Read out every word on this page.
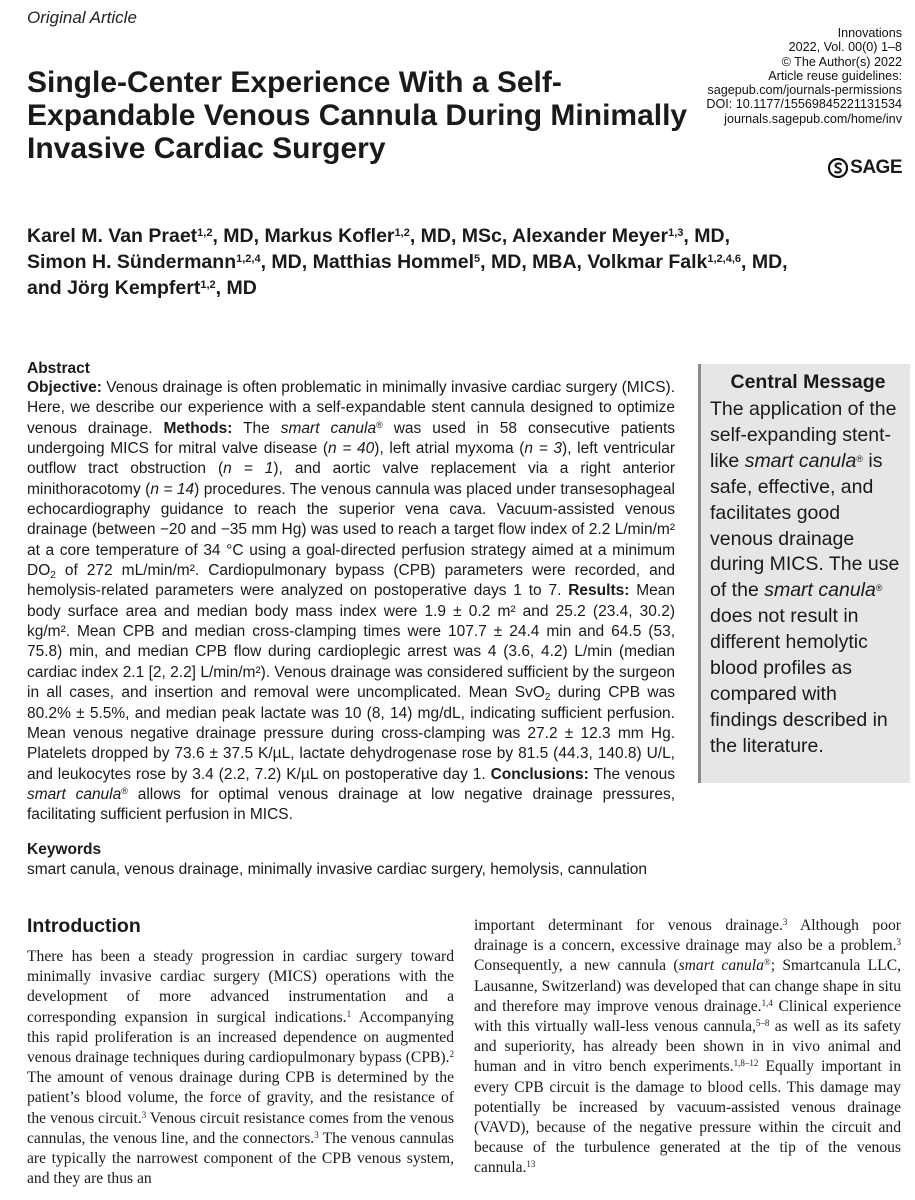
Original Article
Single-Center Experience With a Self-Expandable Venous Cannula During Minimally Invasive Cardiac Surgery
Innovations
2022, Vol. 00(0) 1–8
© The Author(s) 2022
Article reuse guidelines:
sagepub.com/journals-permissions
DOI: 10.1177/15569845221131534
journals.sagepub.com/home/inv
SAGE
Karel M. Van Praet$^{1,2}$, MD, Markus Kofler$^{1,2}$, MD, MSc, Alexander Meyer$^{1,3}$, MD,
Simon H. Sündermann$^{1,2,4}$, MD, Matthias Hommel$^5$, MD, MBA, Volkmar Falk$^{1,2,4,6}$, MD,
and Jörg Kempfert$^{1,2}$, MD
Abstract

Objective: Venous drainage is often problematic in minimally invasive cardiac surgery (MICS). Here, we describe our experience with a self-expandable stent cannula designed to optimize venous drainage. Methods: The smart canula® was used in 58 consecutive patients undergoing MICS for mitral valve disease (n = 40), left atrial myxoma (n = 3), left ventricular outflow tract obstruction (n = 1), and aortic valve replacement via a right anterior minithoracotomy (n = 14) procedures. The venous cannula was placed under transesophageal echocardiography guidance to reach the superior vena cava. Vacuum-assisted venous drainage (between −20 and −35 mm Hg) was used to reach a target flow index of 2.2 L/min/m² at a core temperature of 34 °C using a goal-directed perfusion strategy aimed at a minimum $DO_2$ of 272 mL/min/m². Cardiopulmonary bypass (CPB) parameters were recorded, and hemolysis-related parameters were analyzed on postoperative days 1 to 7. Results: Mean body surface area and median body mass index were 1.9 ± 0.2 m² and 25.2 (23.4, 30.2) kg/m². Mean CPB and median cross-clamping times were 107.7 ± 24.4 min and 64.5 (53, 75.8) min, and median CPB flow during cardioplegic arrest was 4 (3.6, 4.2) L/min (median cardiac index 2.1 [2, 2.2] L/min/m²). Venous drainage was considered sufficient by the surgeon in all cases, and insertion and removal were uncomplicated. Mean SvO$_2$ during CPB was 80.2% ± 5.5%, and median peak lactate was 10 (8, 14) mg/dL, indicating sufficient perfusion. Mean venous negative drainage pressure during cross-clamping was 27.2 ± 12.3 mm Hg. Platelets dropped by 73.6 ± 37.5 K/µL, lactate dehydrogenase rose by 81.5 (44.3, 140.8) U/L, and leukocytes rose by 3.4 (2.2, 7.2) K/µL on postoperative day 1. Conclusions: The venous smart canula® allows for optimal venous drainage at low negative drainage pressures, facilitating sufficient perfusion in MICS.

Central Message

The application of the self-expanding stent-like smart canula® is safe, effective, and facilitates good venous drainage during MICS. The use of the smart canula® does not result in different hemolytic blood profiles as compared with findings described in the literature.

Keywords
smart canula, venous drainage, minimally invasive cardiac surgery, hemolysis, cannulation
Introduction

There has been a steady progression in cardiac surgery toward minimally invasive cardiac surgery (MICS) operations with the development of more advanced instrumentation and a corresponding expansion in surgical indications.$^1$ Accompanying this rapid proliferation is an increased dependence on augmented venous drainage techniques during cardiopulmonary bypass (CPB).$^2$ The amount of venous drainage during CPB is determined by the patient’s blood volume, the force of gravity, and the resistance of the venous circuit.$^3$ Venous circuit resistance comes from the venous cannulas, the venous line, and the connectors.$^3$ The venous cannulas are typically the narrowest component of the CPB venous system, and they are thus an

important determinant for venous drainage.$^3$ Although poor drainage is a concern, excessive drainage may also be a problem.$^3$ Consequently, a new cannula (smart canula®; Smartcanula LLC, Lausanne, Switzerland) was developed that can change shape in situ and therefore may improve venous drainage.$^{1,4}$ Clinical experience with this virtually wall-less venous cannula,$^{5-8}$ as well as its safety and superiority, has already been shown in in vivo animal and human and in vitro bench experiments.$^{1,8-12}$ Equally important in every CPB circuit is the damage to blood cells. This damage may potentially be increased by vacuum-assisted venous drainage (VAVD), because of the negative pressure within the circuit and because of the turbulence generated at the tip of the venous cannula.$^{13}$
